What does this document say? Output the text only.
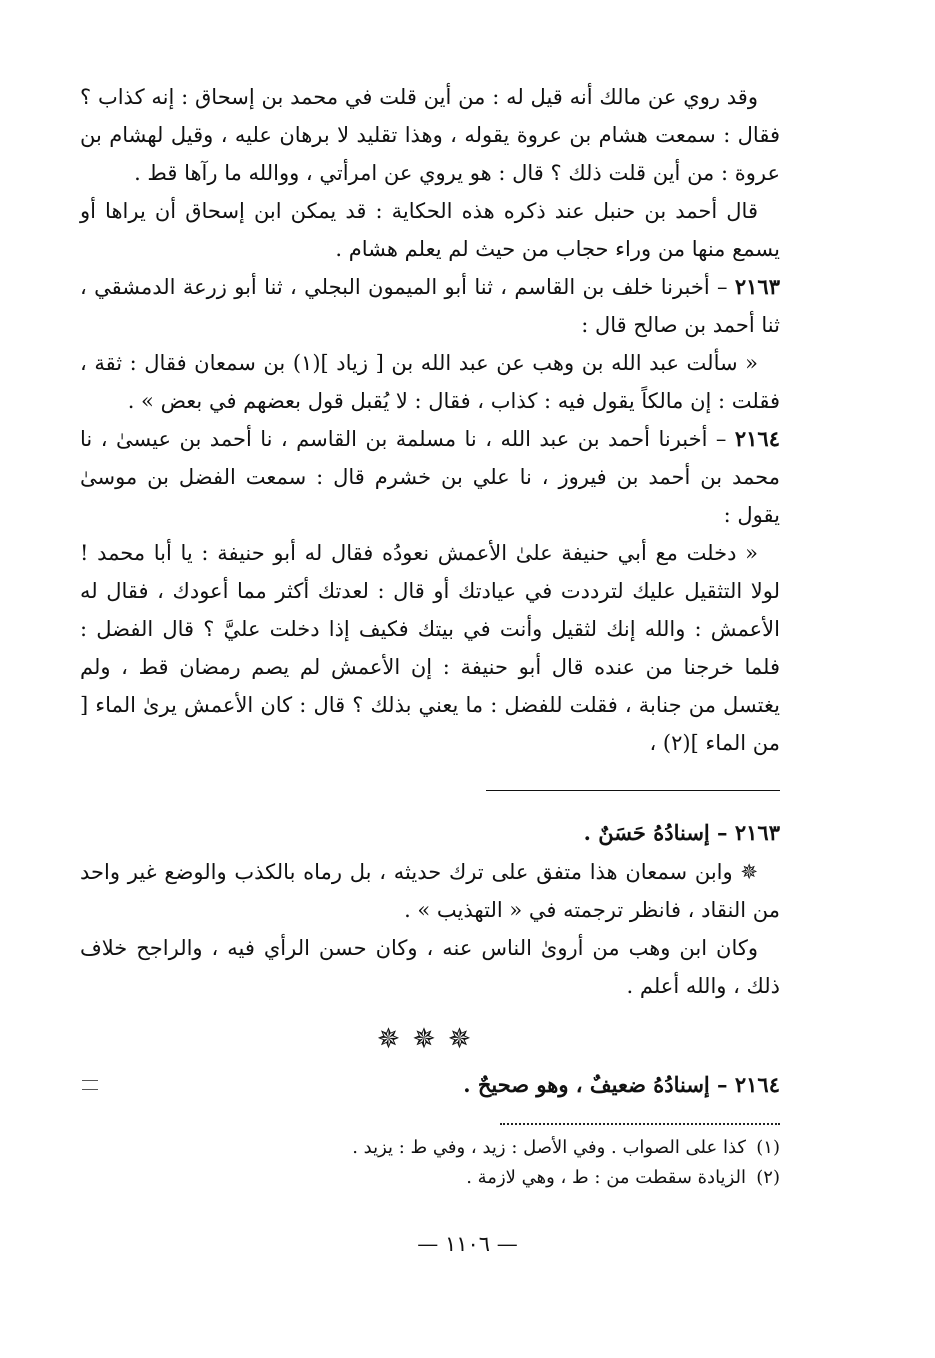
وقد روي عن مالك أنه قيل له : من أين قلت في محمد بن إسحاق : إنه كذاب ؟ فقال : سمعت هشام بن عروة يقوله ، وهذا تقليد لا برهان عليه ، وقيل لهشام بن عروة : من أين قلت ذلك ؟ قال : هو يروي عن امرأتي ، ووالله ما رآها قط .

قال أحمد بن حنبل عند ذكره هذه الحكاية : قد يمكن ابن إسحاق أن يراها أو يسمع منها من وراء حجاب من حيث لم يعلم هشام .

٢١٦٣ – أخبرنا خلف بن القاسم ، ثنا أبو الميمون البجلي ، ثنا أبو زرعة الدمشقي ، ثنا أحمد بن صالح قال :

« سألت عبد الله بن وهب عن عبد الله بن [ زياد ](١) بن سمعان فقال : ثقة ، فقلت : إن مالكاً يقول فيه : كذاب ، فقال : لا يُقبل قول بعضهم في بعض » .

٢١٦٤ – أخبرنا أحمد بن عبد الله ، نا مسلمة بن القاسم ، نا أحمد بن عيسىٰ ، نا محمد بن أحمد بن فيروز ، نا علي بن خشرم قال : سمعت الفضل بن موسىٰ يقول :

« دخلت مع أبي حنيفة علىٰ الأعمش نعودُه فقال له أبو حنيفة : يا أبا محمد ! لولا التثقيل عليك لترددت في عيادتك أو قال : لعدتك أكثر مما أعودك ، فقال له الأعمش : والله إنك لثقيل وأنت في بيتك فكيف إذا دخلت عليَّ ؟ قال الفضل : فلما خرجنا من عنده قال أبو حنيفة : إن الأعمش لم يصم رمضان قط ، ولم يغتسل من جنابة ، فقلت للفضل : ما يعني بذلك ؟ قال : كان الأعمش يرىٰ الماء [ من الماء ](٢) ،

٢١٦٣ – إسنادُهُ حَسَنٌ .

✵ وابن سمعان هذا متفق على ترك حديثه ، بل رماه بالكذب والوضع غير واحد من النقاد ، فانظر ترجمته في « التهذيب » .

وكان ابن وهب من أروىٰ الناس عنه ، وكان حسن الرأي فيه ، والراجح خلاف ذلك ، والله أعلم .

✵✵✵

٢١٦٤ – إسنادُهُ ضعيفٌ ، وهو صحيحٌ .

(١)
كذا على الصواب . وفي الأصل : زيد ، وفي ط : يزيد .
(٢)
الزيادة سقطت من : ط ، وهي لازمة .
— ١١٠٦ —
